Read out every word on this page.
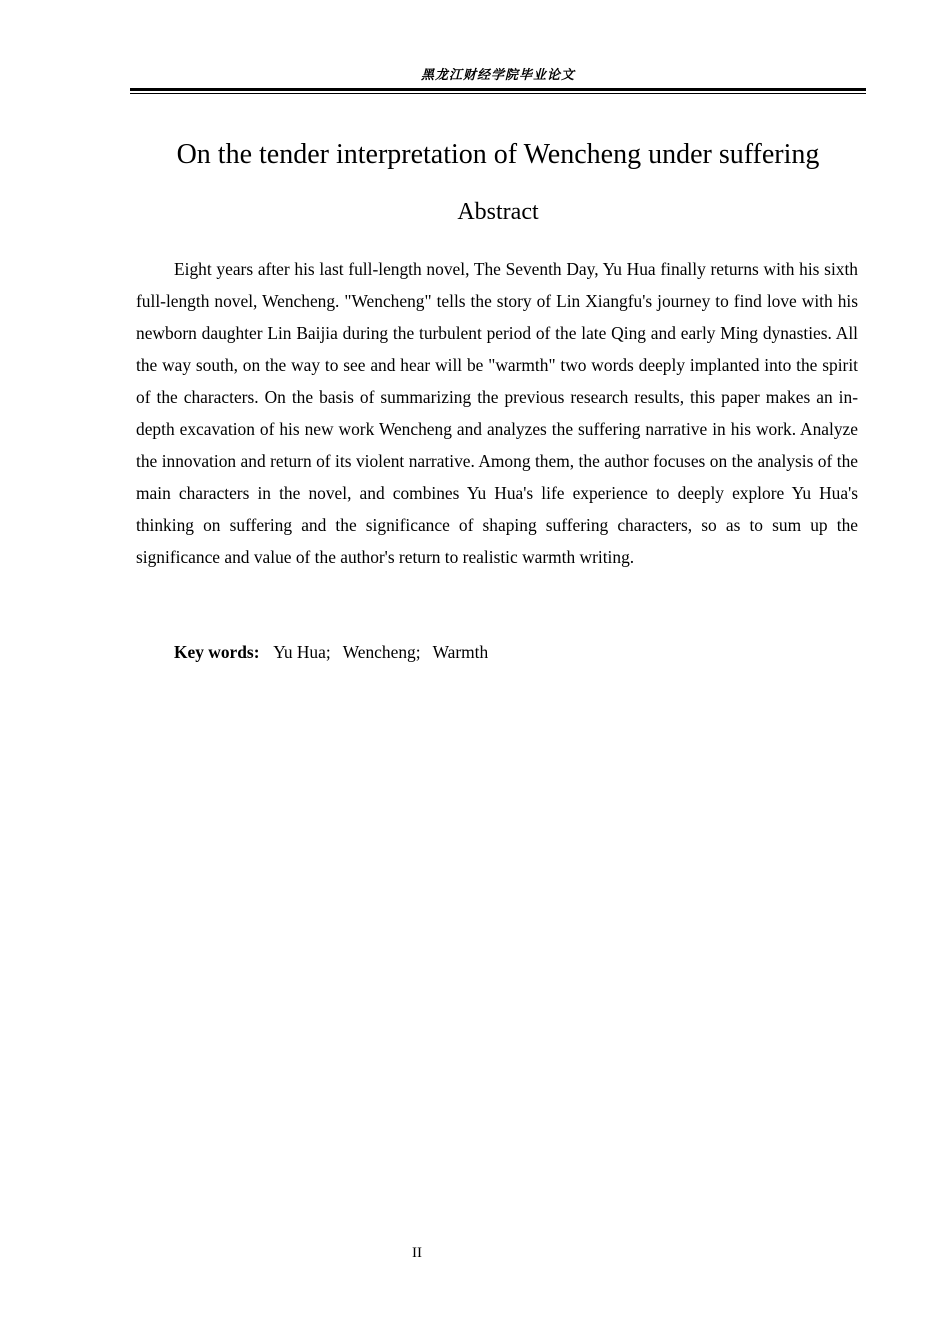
黑龙江财经学院毕业论文
On the tender interpretation of Wencheng under suffering
Abstract

Eight years after his last full-length novel, The Seventh Day, Yu Hua finally returns with his sixth full-length novel, Wencheng. "Wencheng" tells the story of Lin Xiangfu's journey to find love with his newborn daughter Lin Baijia during the turbulent period of the late Qing and early Ming dynasties. All the way south, on the way to see and hear will be "warmth" two words deeply implanted into the spirit of the characters. On the basis of summarizing the previous research results, this paper makes an in-depth excavation of his new work Wencheng and analyzes the suffering narrative in his work. Analyze the innovation and return of its violent narrative. Among them, the author focuses on the analysis of the main characters in the novel, and combines Yu Hua's life experience to deeply explore Yu Hua's thinking on suffering and the significance of shaping suffering characters, so as to sum up the significance and value of the author's return to realistic warmth writing.

Key words: Yu Hua; Wencheng; Warmth
II
